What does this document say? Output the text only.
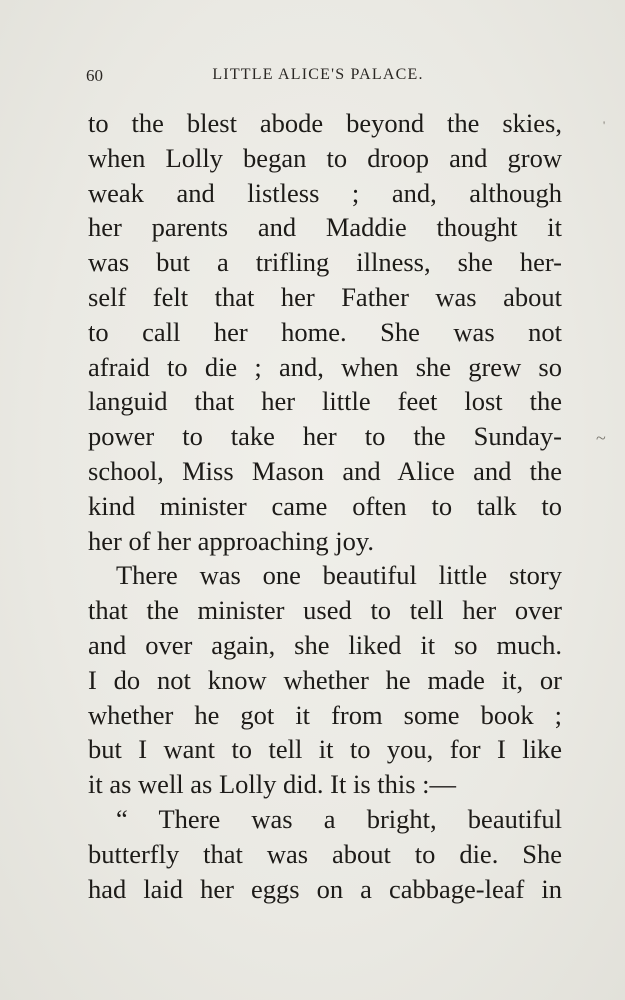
60	LITTLE ALICE'S PALACE.
to the blest abode beyond the skies,
when Lolly began to droop and grow
weak and listless ; and, although
her parents and Maddie thought it
was but a trifling illness, she her-
self felt that her Father was about
to call her home. She was not
afraid to die ; and, when she grew so
languid that her little feet lost the
power to take her to the Sunday-
school, Miss Mason and Alice and the
kind minister came often to talk to
her of her approaching joy.
There was one beautiful little story
that the minister used to tell her over
and over again, she liked it so much.
I do not know whether he made it, or
whether he got it from some book ;
but I want to tell it to you, for I like
it as well as Lolly did. It is this :—
“ There was a bright, beautiful
butterfly that was about to die. She
had laid her eggs on a cabbage-leaf in
~
'
